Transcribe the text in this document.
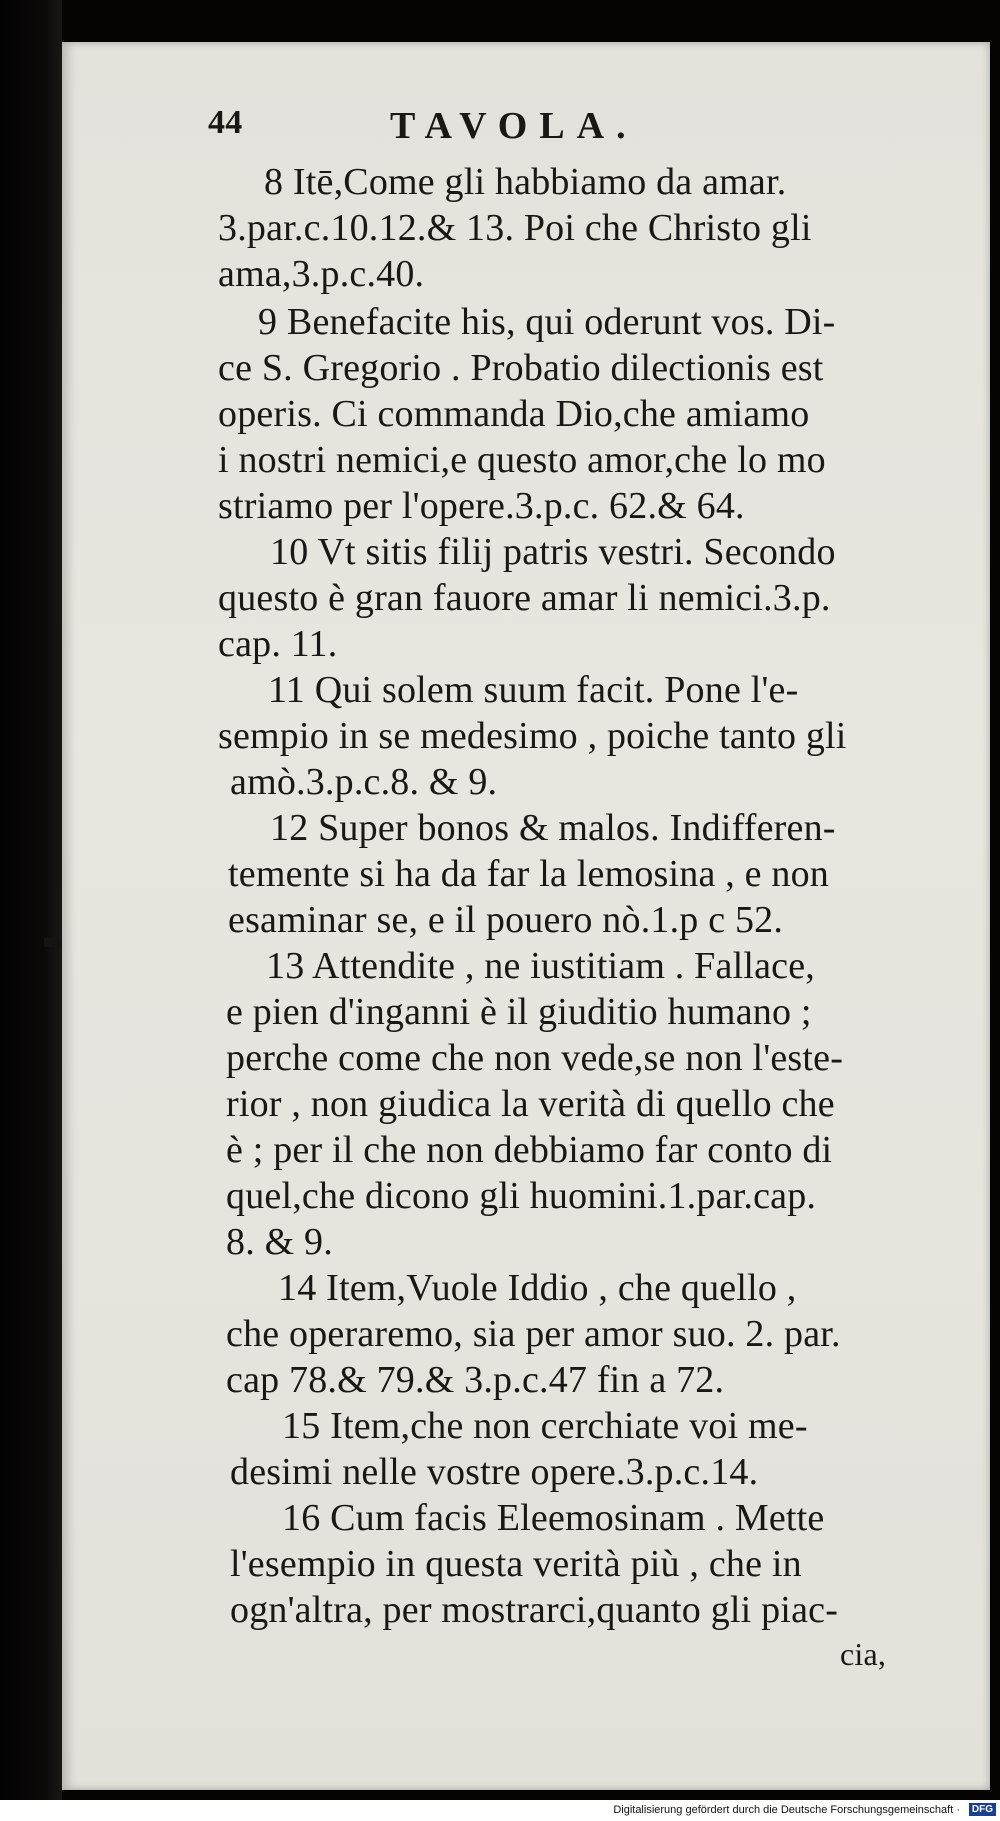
44	TAVOLA.
8 Itē,Come gli habbiamo da amar.
3.par.c.10.12.& 13. Poi che Christo gli
ama,3.p.c.40.
9 Benefacite his, qui oderunt vos. Di-
ce S. Gregorio . Probatio dilectionis est
operis. Ci commanda Dio,che amiamo
i nostri nemici,e questo amor,che lo mo
striamo per l'opere.3.p.c. 62.& 64.
10 Vt sitis filij patris vestri. Secondo
questo è gran fauore amar li nemici.3.p.
cap. 11.
11 Qui solem suum facit. Pone l'e-
sempio in se medesimo , poiche tanto gli
amò.3.p.c.8. & 9.
12 Super bonos & malos. Indifferen-
temente si ha da far la lemosina , e non
esaminar se, e il pouero nò.1.p c 52.
13 Attendite , ne iustitiam . Fallace,
e pien d'inganni è il giuditio humano ;
perche come che non vede,se non l'este-
rior , non giudica la verità di quello che
è ; per il che non debbiamo far conto di
quel,che dicono gli huomini.1.par.cap.
8. & 9.
14 Item,Vuole Iddio , che quello ,
che operaremo, sia per amor suo. 2. par.
cap 78.& 79.& 3.p.c.47 fin a 72.
15 Item,che non cerchiate voi me-
desimi nelle vostre opere.3.p.c.14.
16 Cum facis Eleemosinam . Mette
l'esempio in questa verità più , che in
ogn'altra, per mostrarci,quanto gli piac-
cia,
Digitalisierung gefördert durch die Deutsche Forschungsgemeinschaft ·	DFG
